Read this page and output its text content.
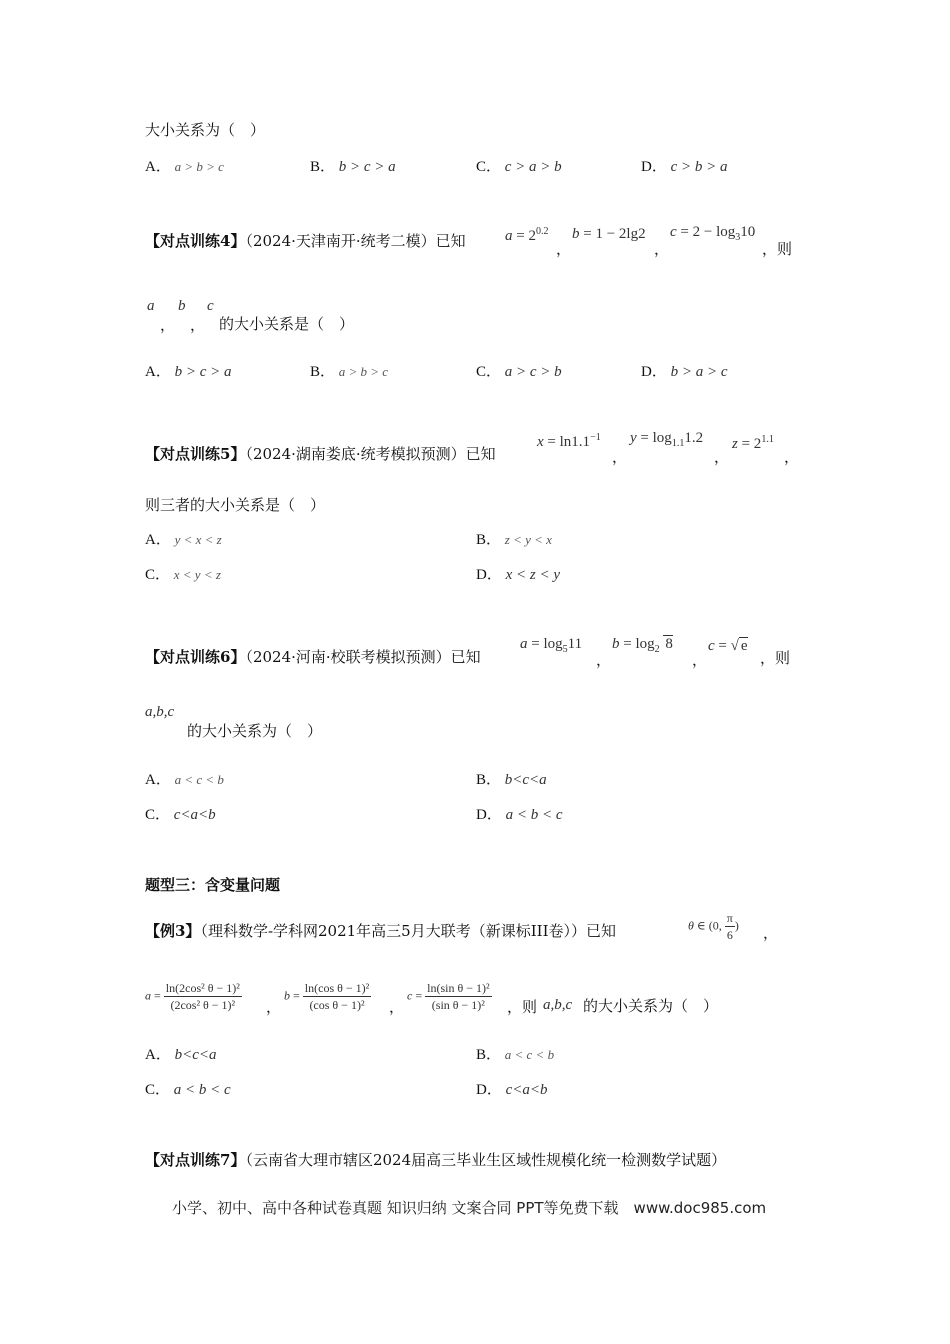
大小关系为（　）
A． a > b > c	B． b > c > a	C． c > a > b	D． c > b > a
【对点训练4】（2024·天津南开·统考二模）已知	$a = 2^{0.2}$
，
b = 1 − 2lg2
，
$c = 2 - \log_310$
，则
a
，
b
，
c
的大小关系是（　）
A． b > c > a	B． a > b > c	C． a > c > b	D． b > a > c
【对点训练5】（2024·湖南娄底·统考模拟预测）已知
$x = \ln 1.1^{-1}$
，
$y = \log_{1.1}1.2$
，
$z = 2^{1.1}$
，
则三者的大小关系是（　）
A． y < x < z	B． z < y < x
C． x < y < z	D． x < z < y
【对点训练6】（2024·河南·校联考模拟预测）已知
$a = \log_511$
，
$b = \log_2 8$
，
c = √ e
，则
a,b,c
的大小关系为（　）
A． a < c < b	B． b<c<a
C． c<a<b	D． a < b < c
题型三：含变量问题
【例3】（理科数学-学科网2021年高三5月大联考（新课标III卷））已知	θ ∈ (0, $\frac{\pi}{6}$ ) ，
$a = \frac{\text{ln(2cos² θ − 1)²}}{\text{(2cos² θ − 1)²}}$ ，
$b = \frac{\text{ln(cos θ − 1)²}}{\text{(cos θ − 1)²}}$ ，
$c = \frac{\text{ln(sin θ − 1)²}}{\text{(sin θ − 1)²}}$ ，则 a,b,c 的大小关系为（　）
A． b<c<a	B． a < c < b
C． a < b < c	D． c<a<b
【对点训练7】（云南省大理市辖区2024届高三毕业生区域性规模化统一检测数学试题）
小学、初中、高中各种试卷真题 知识归纳 文案合同 PPT等免费下载　www.doc985.com
